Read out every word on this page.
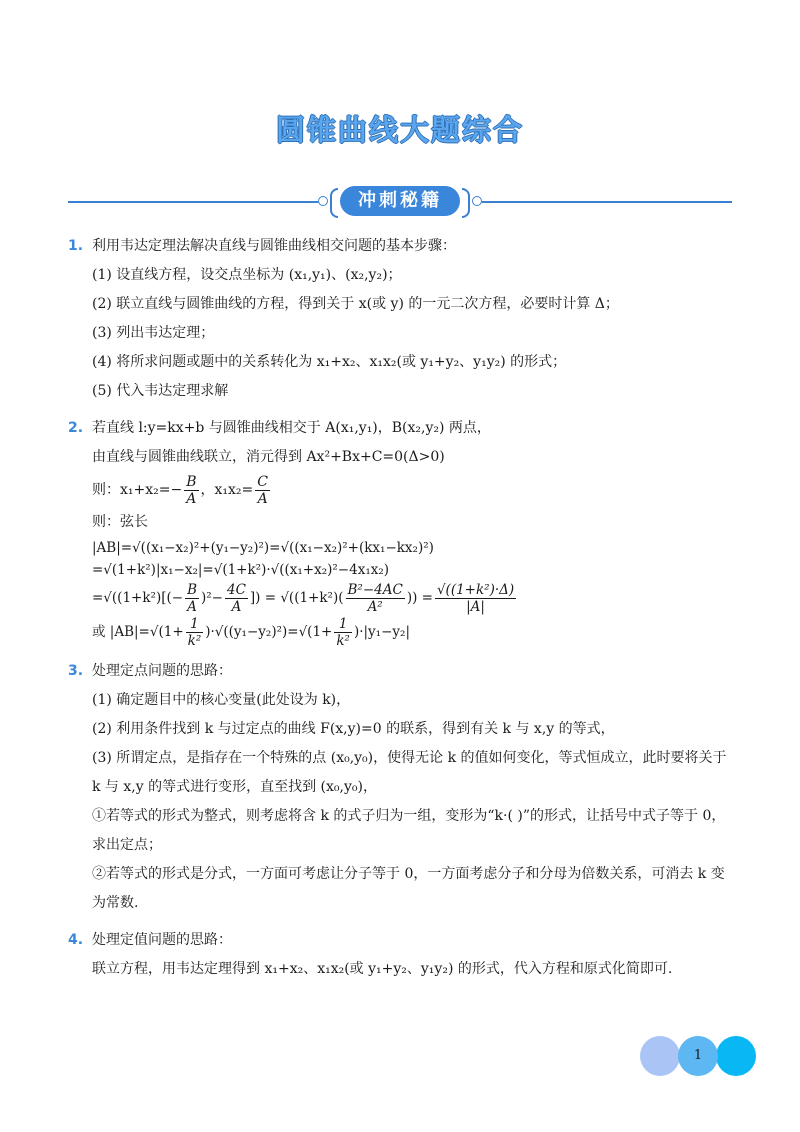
圆锥曲线大题综合
冲刺秘籍
1. 利用韦达定理法解决直线与圆锥曲线相交问题的基本步骤：
(1) 设直线方程，设交点坐标为 (x₁,y₁)、(x₂,y₂)；
(2) 联立直线与圆锥曲线的方程，得到关于 x(或 y) 的一元二次方程，必要时计算 Δ；
(3) 列出韦达定理；
(4) 将所求问题或题中的关系转化为 x₁+x₂、x₁x₂(或 y₁+y₂、y₁y₂) 的形式；
(5) 代入韦达定理求解
2. 若直线 l:y=kx+b 与圆锥曲线相交于 A(x₁,y₁)，B(x₂,y₂) 两点，
由直线与圆锥曲线联立，消元得到 Ax²+Bx+C=0(Δ>0)
则：$x_1+x_2=- \frac{B}{A}$ ，$x_1x_2= \frac{C}{A}$
则：弦长
|AB|=√((x₁−x₂)²+(y₁−y₂)²)=√((x₁−x₂)²+(kx₁−kx₂)²)
=√(1+k²)|x₁−x₂|=√(1+k²)·√((x₁+x₂)²−4x₁x₂)
$=√((1+k^2)[(- \frac{B}{A} )^2- \frac{4C}{A}$ ]) = $√((1+k^2)( \frac{\text{B²−4AC}}{\text{A²}}$ )) = $\frac{\text{√((1+k²)·Δ)}}{|A|}$
或 $|AB|=√(1+ \frac{1}{\text{k²}} )\cdot√((y_1-y_2)^2)=√(1+ \frac{1}{\text{k²}} )\cdot|y_1-y_2|$
3. 处理定点问题的思路：
(1) 确定题目中的核心变量(此处设为 k)，
(2) 利用条件找到 k 与过定点的曲线 F(x,y)=0 的联系，得到有关 k 与 x,y 的等式，
(3) 所谓定点，是指存在一个特殊的点 (x₀,y₀)，使得无论 k 的值如何变化，等式恒成立，此时要将关于
k 与 x,y 的等式进行变形，直至找到 (x₀,y₀)，
①若等式的形式为整式，则考虑将含 k 的式子归为一组，变形为“k·( )”的形式，让括号中式子等于 0，
求出定点；
②若等式的形式是分式，一方面可考虑让分子等于 0，一方面考虑分子和分母为倍数关系，可消去 k 变
为常数.
4. 处理定值问题的思路：
联立方程，用韦达定理得到 x₁+x₂、x₁x₂(或 y₁+y₂、y₁y₂) 的形式，代入方程和原式化简即可.
1
